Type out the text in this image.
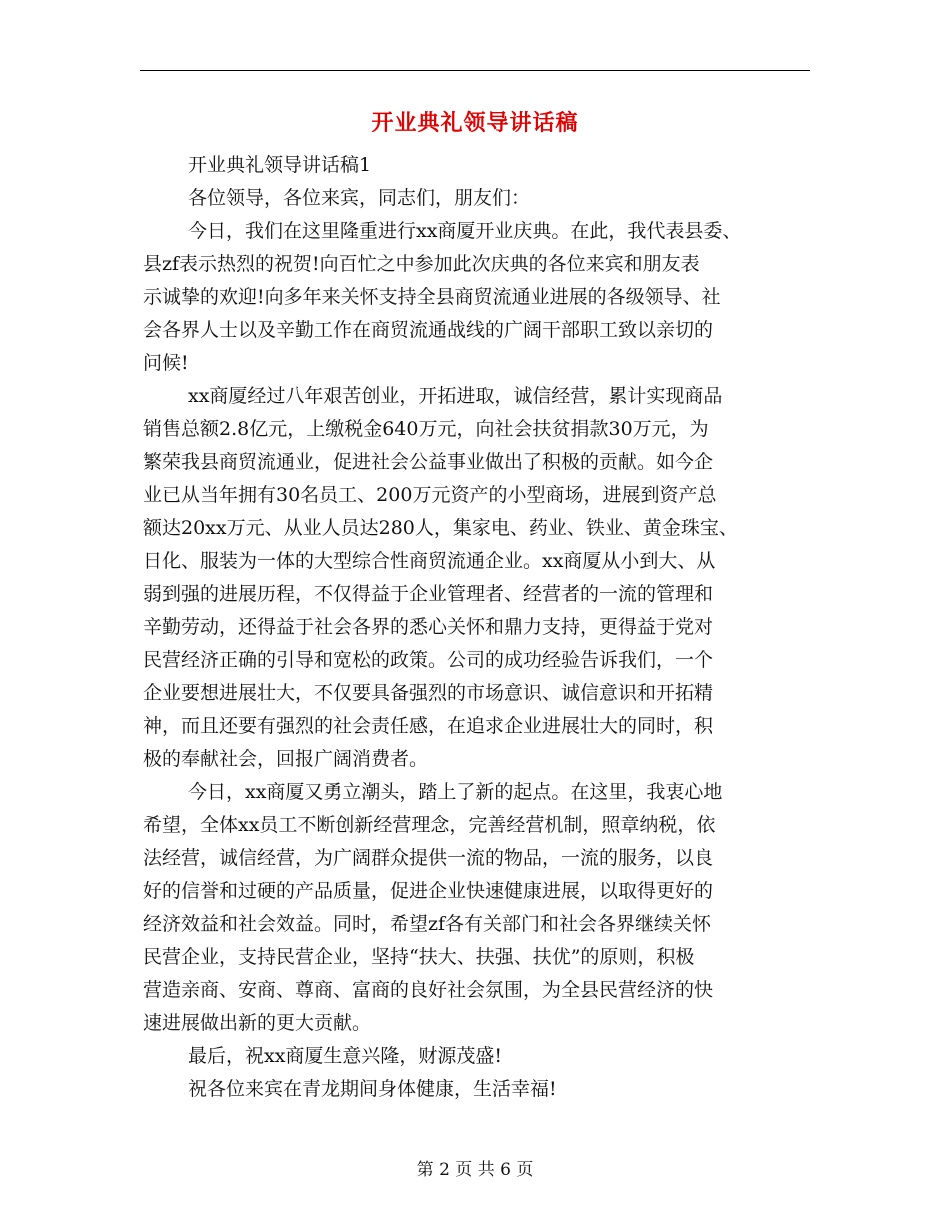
开业典礼领导讲话稿

开业典礼领导讲话稿1

各位领导，各位来宾，同志们，朋友们：

今日，我们在这里隆重进行xx商厦开业庆典。在此，我代表县委、

县zf表示热烈的祝贺!向百忙之中参加此次庆典的各位来宾和朋友表

示诚挚的欢迎!向多年来关怀支持全县商贸流通业进展的各级领导、社

会各界人士以及辛勤工作在商贸流通战线的广阔干部职工致以亲切的

问候!

xx商厦经过八年艰苦创业，开拓进取，诚信经营，累计实现商品

销售总额2.8亿元，上缴税金640万元，向社会扶贫捐款30万元，为

繁荣我县商贸流通业，促进社会公益事业做出了积极的贡献。如今企

业已从当年拥有30名员工、200万元资产的小型商场，进展到资产总

额达20xx万元、从业人员达280人，集家电、药业、铁业、黄金珠宝、

日化、服装为一体的大型综合性商贸流通企业。xx商厦从小到大、从

弱到强的进展历程，不仅得益于企业管理者、经营者的一流的管理和

辛勤劳动，还得益于社会各界的悉心关怀和鼎力支持，更得益于党对

民营经济正确的引导和宽松的政策。公司的成功经验告诉我们，一个

企业要想进展壮大，不仅要具备强烈的市场意识、诚信意识和开拓精

神，而且还要有强烈的社会责任感，在追求企业进展壮大的同时，积

极的奉献社会，回报广阔消费者。

今日，xx商厦又勇立潮头，踏上了新的起点。在这里，我衷心地

希望，全体xx员工不断创新经营理念，完善经营机制，照章纳税，依

法经营，诚信经营，为广阔群众提供一流的物品，一流的服务，以良

好的信誉和过硬的产品质量，促进企业快速健康进展，以取得更好的

经济效益和社会效益。同时，希望zf各有关部门和社会各界继续关怀

民营企业，支持民营企业，坚持“扶大、扶强、扶优”的原则，积极

营造亲商、安商、尊商、富商的良好社会氛围，为全县民营经济的快

速进展做出新的更大贡献。

最后，祝xx商厦生意兴隆，财源茂盛!

祝各位来宾在青龙期间身体健康，生活幸福!

第 2 页 共 6 页
